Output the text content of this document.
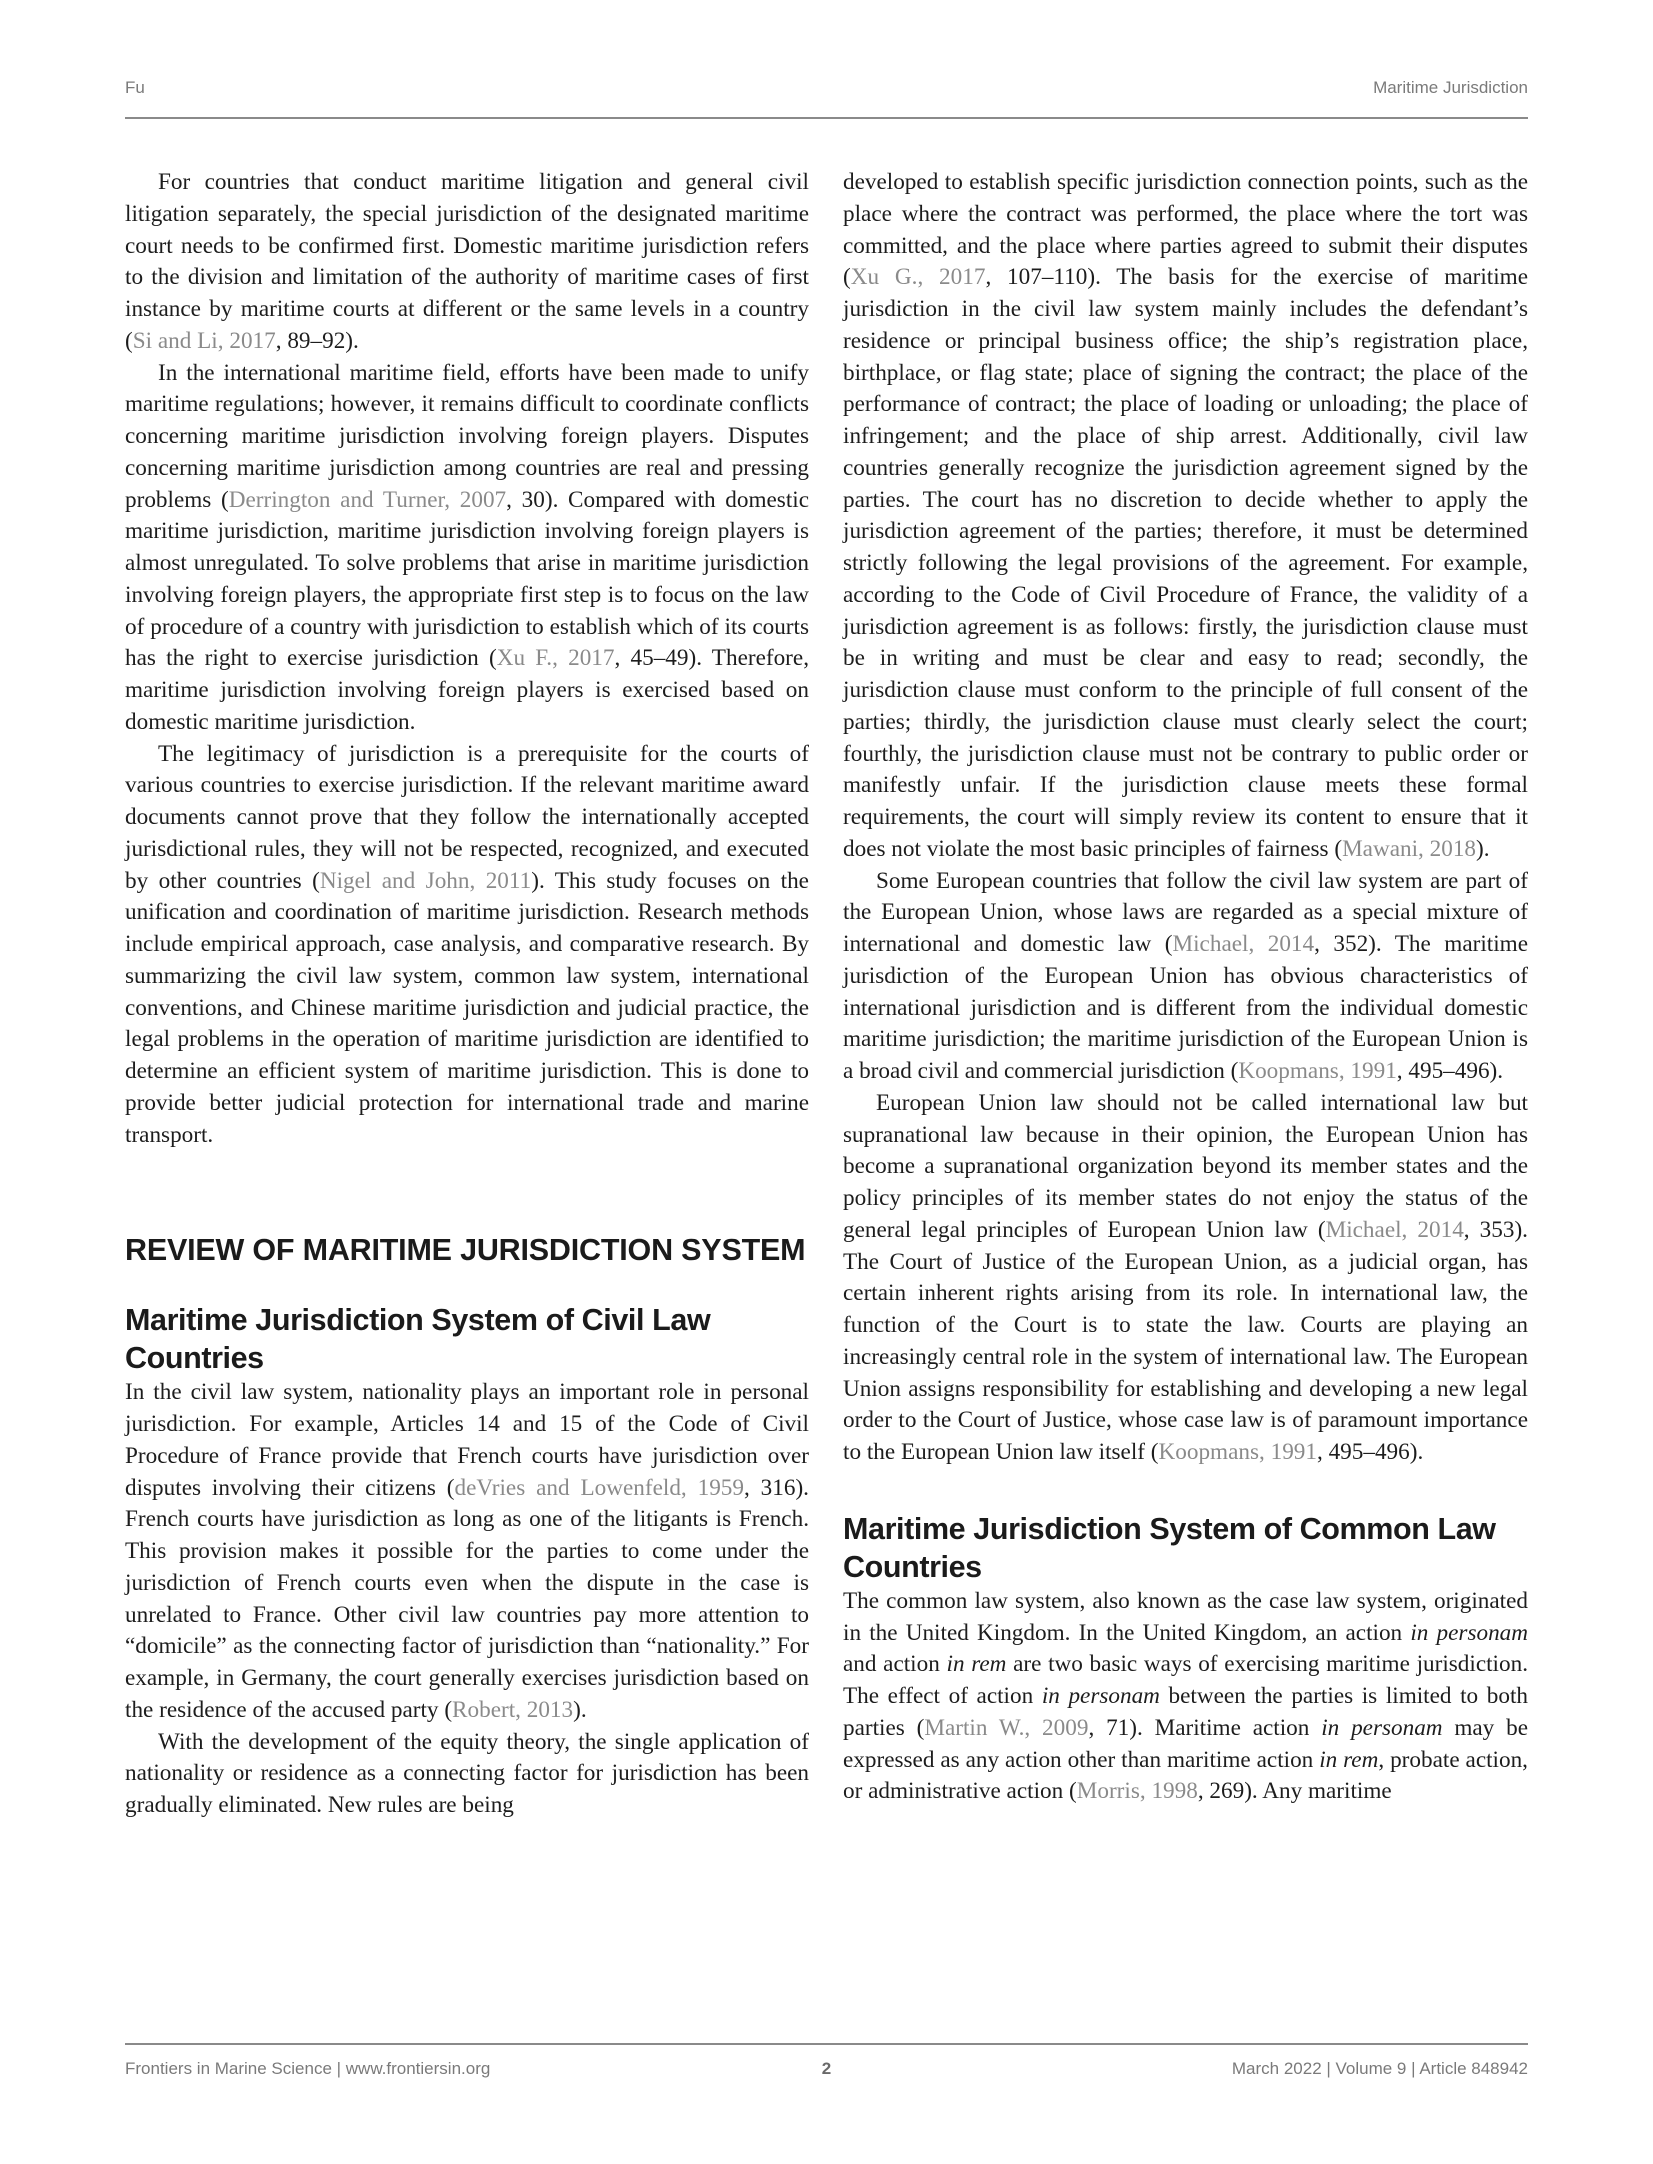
Fu	Maritime Jurisdiction

For countries that conduct maritime litigation and general civil litigation separately, the special jurisdiction of the designated maritime court needs to be confirmed first. Domestic maritime jurisdiction refers to the division and limitation of the authority of maritime cases of first instance by maritime courts at different or the same levels in a country (Si and Li, 2017, 89–92).

In the international maritime field, efforts have been made to unify maritime regulations; however, it remains difficult to coordinate conflicts concerning maritime jurisdiction involving foreign players. Disputes concerning maritime jurisdiction among countries are real and pressing problems (Derrington and Turner, 2007, 30). Compared with domestic maritime jurisdiction, maritime jurisdiction involving foreign players is almost unregulated. To solve problems that arise in maritime jurisdiction involving foreign players, the appropriate first step is to focus on the law of procedure of a country with jurisdiction to establish which of its courts has the right to exercise jurisdiction (Xu F., 2017, 45–49). Therefore, maritime jurisdiction involving foreign players is exercised based on domestic maritime jurisdiction.

The legitimacy of jurisdiction is a prerequisite for the courts of various countries to exercise jurisdiction. If the relevant maritime award documents cannot prove that they follow the internationally accepted jurisdictional rules, they will not be respected, recognized, and executed by other countries (Nigel and John, 2011). This study focuses on the unification and coordination of maritime jurisdiction. Research methods include empirical approach, case analysis, and comparative research. By summarizing the civil law system, common law system, international conventions, and Chinese maritime jurisdiction and judicial practice, the legal problems in the operation of maritime jurisdiction are identified to determine an efficient system of maritime jurisdiction. This is done to provide better judicial protection for international trade and marine transport.

REVIEW OF MARITIME JURISDICTION SYSTEM
Maritime Jurisdiction System of Civil Law Countries

In the civil law system, nationality plays an important role in personal jurisdiction. For example, Articles 14 and 15 of the Code of Civil Procedure of France provide that French courts have jurisdiction over disputes involving their citizens (deVries and Lowenfeld, 1959, 316). French courts have jurisdiction as long as one of the litigants is French. This provision makes it possible for the parties to come under the jurisdiction of French courts even when the dispute in the case is unrelated to France. Other civil law countries pay more attention to “domicile” as the connecting factor of jurisdiction than “nationality.” For example, in Germany, the court generally exercises jurisdiction based on the residence of the accused party (Robert, 2013).

With the development of the equity theory, the single application of nationality or residence as a connecting factor for jurisdiction has been gradually eliminated. New rules are being

developed to establish specific jurisdiction connection points, such as the place where the contract was performed, the place where the tort was committed, and the place where parties agreed to submit their disputes (Xu G., 2017, 107–110). The basis for the exercise of maritime jurisdiction in the civil law system mainly includes the defendant’s residence or principal business office; the ship’s registration place, birthplace, or flag state; place of signing the contract; the place of the performance of contract; the place of loading or unloading; the place of infringement; and the place of ship arrest. Additionally, civil law countries generally recognize the jurisdiction agreement signed by the parties. The court has no discretion to decide whether to apply the jurisdiction agreement of the parties; therefore, it must be determined strictly following the legal provisions of the agreement. For example, according to the Code of Civil Procedure of France, the validity of a jurisdiction agreement is as follows: firstly, the jurisdiction clause must be in writing and must be clear and easy to read; secondly, the jurisdiction clause must conform to the principle of full consent of the parties; thirdly, the jurisdiction clause must clearly select the court; fourthly, the jurisdiction clause must not be contrary to public order or manifestly unfair. If the jurisdiction clause meets these formal requirements, the court will simply review its content to ensure that it does not violate the most basic principles of fairness (Mawani, 2018).

Some European countries that follow the civil law system are part of the European Union, whose laws are regarded as a special mixture of international and domestic law (Michael, 2014, 352). The maritime jurisdiction of the European Union has obvious characteristics of international jurisdiction and is different from the individual domestic maritime jurisdiction; the maritime jurisdiction of the European Union is a broad civil and commercial jurisdiction (Koopmans, 1991, 495–496).

European Union law should not be called international law but supranational law because in their opinion, the European Union has become a supranational organization beyond its member states and the policy principles of its member states do not enjoy the status of the general legal principles of European Union law (Michael, 2014, 353). The Court of Justice of the European Union, as a judicial organ, has certain inherent rights arising from its role. In international law, the function of the Court is to state the law. Courts are playing an increasingly central role in the system of international law. The European Union assigns responsibility for establishing and developing a new legal order to the Court of Justice, whose case law is of paramount importance to the European Union law itself (Koopmans, 1991, 495–496).

Maritime Jurisdiction System of Common Law Countries

The common law system, also known as the case law system, originated in the United Kingdom. In the United Kingdom, an action in personam and action in rem are two basic ways of exercising maritime jurisdiction. The effect of action in personam between the parties is limited to both parties (Martin W., 2009, 71). Maritime action in personam may be expressed as any action other than maritime action in rem, probate action, or administrative action (Morris, 1998, 269). Any maritime

Frontiers in Marine Science | www.frontiersin.org	2	March 2022 | Volume 9 | Article 848942
